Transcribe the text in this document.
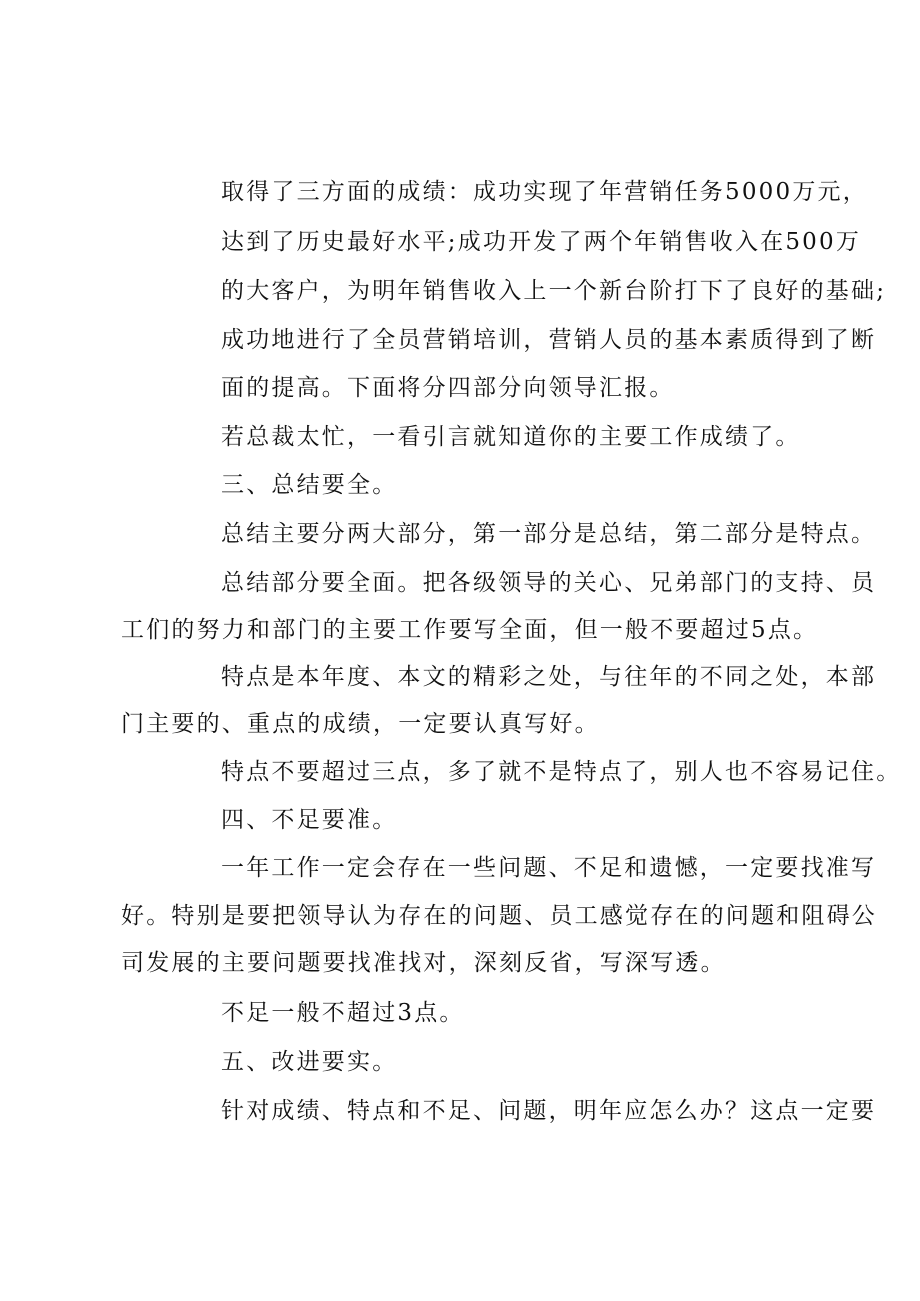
取得了三方面的成绩：成功实现了年营销任务5000万元，
达到了历史最好水平;成功开发了两个年销售收入在500万
的大客户，为明年销售收入上一个新台阶打下了良好的基础;
成功地进行了全员营销培训，营销人员的基本素质得到了断
面的提高。下面将分四部分向领导汇报。
若总裁太忙，一看引言就知道你的主要工作成绩了。
三、总结要全。
总结主要分两大部分，第一部分是总结，第二部分是特点。
总结部分要全面。把各级领导的关心、兄弟部门的支持、员
工们的努力和部门的主要工作要写全面，但一般不要超过5点。
特点是本年度、本文的精彩之处，与往年的不同之处，本部
门主要的、重点的成绩，一定要认真写好。
特点不要超过三点，多了就不是特点了，别人也不容易记住。
四、不足要准。
一年工作一定会存在一些问题、不足和遗憾，一定要找准写
好。特别是要把领导认为存在的问题、员工感觉存在的问题和阻碍公
司发展的主要问题要找准找对，深刻反省，写深写透。
不足一般不超过3点。
五、改进要实。
针对成绩、特点和不足、问题，明年应怎么办？这点一定要
